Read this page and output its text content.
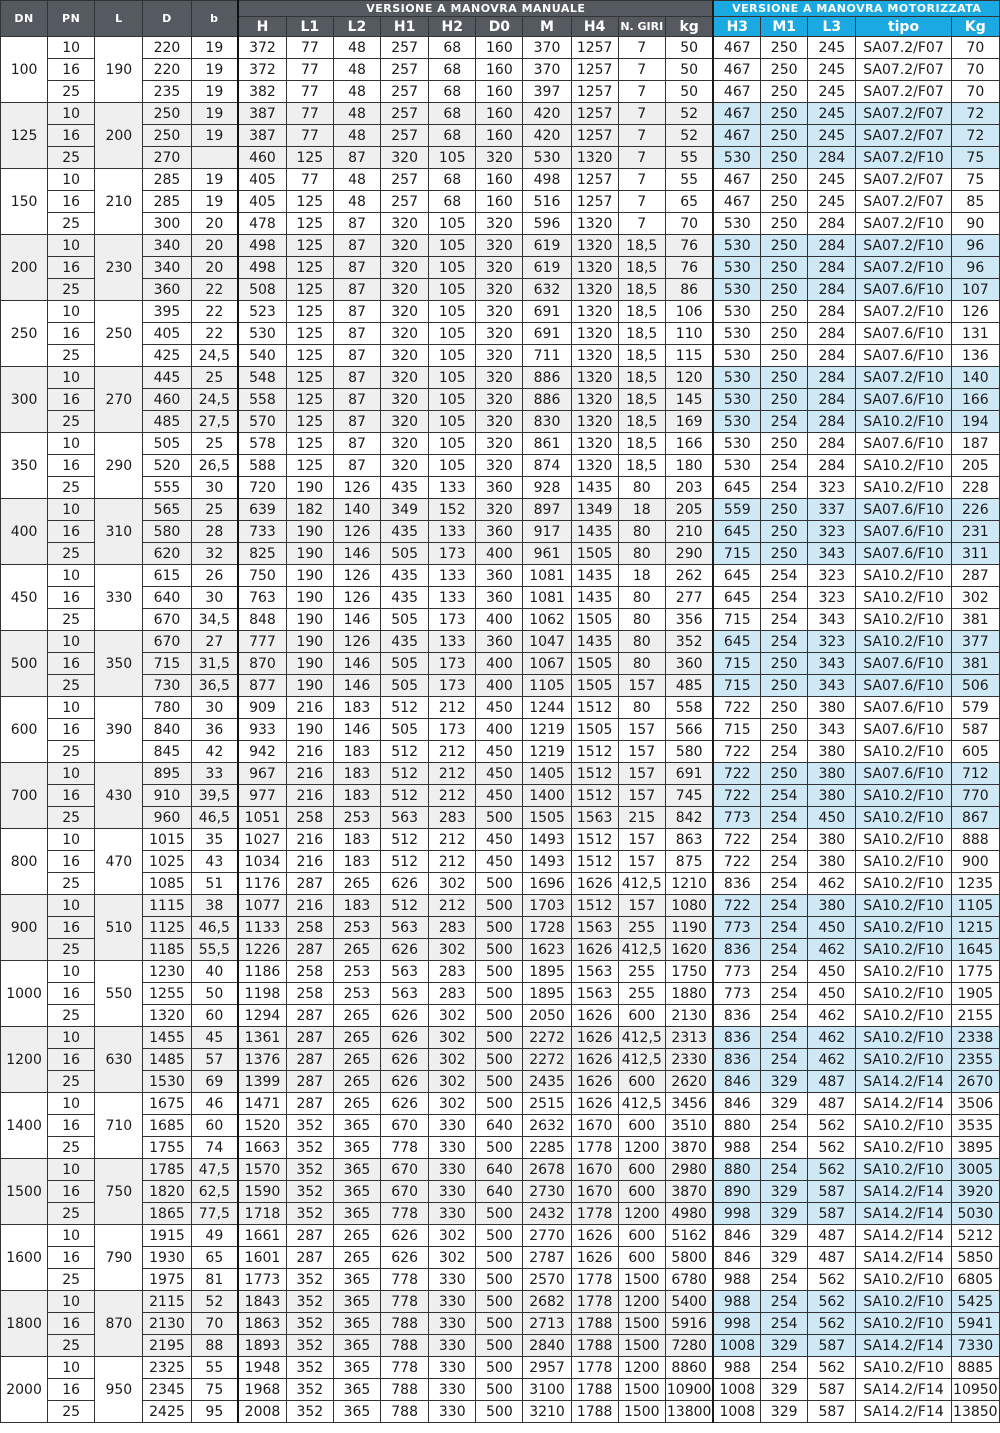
DN	PN	L	D	b	VERSIONE A MANOVRA MANUALE										VERSIONE A MANOVRA MOTORIZZATA				
					H	L1	L2	H1	H2	D0	M	H4	N. GIRI	kg	H3	M1	L3	tipo	Kg
100	10	190	220	19	372	77	48	257	68	160	370	1257	7	50	467	250	245	SA07.2/F07	70
	16		220	19	372	77	48	257	68	160	370	1257	7	50	467	250	245	SA07.2/F07	70
	25		235	19	382	77	48	257	68	160	397	1257	7	50	467	250	245	SA07.2/F07	70
125	10	200	250	19	387	77	48	257	68	160	420	1257	7	52	467	250	245	SA07.2/F07	72
	16		250	19	387	77	48	257	68	160	420	1257	7	52	467	250	245	SA07.2/F07	72
	25		270		460	125	87	320	105	320	530	1320	7	55	530	250	284	SA07.2/F10	75
150	10	210	285	19	405	77	48	257	68	160	498	1257	7	55	467	250	245	SA07.2/F07	75
	16		285	19	405	125	48	257	68	160	516	1257	7	65	467	250	245	SA07.2/F07	85
	25		300	20	478	125	87	320	105	320	596	1320	7	70	530	250	284	SA07.2/F10	90
200	10	230	340	20	498	125	87	320	105	320	619	1320	18,5	76	530	250	284	SA07.2/F10	96
	16		340	20	498	125	87	320	105	320	619	1320	18,5	76	530	250	284	SA07.2/F10	96
	25		360	22	508	125	87	320	105	320	632	1320	18,5	86	530	250	284	SA07.6/F10	107
250	10	250	395	22	523	125	87	320	105	320	691	1320	18,5	106	530	250	284	SA07.2/F10	126
	16		405	22	530	125	87	320	105	320	691	1320	18,5	110	530	250	284	SA07.6/F10	131
	25		425	24,5	540	125	87	320	105	320	711	1320	18,5	115	530	250	284	SA07.6/F10	136
300	10	270	445	25	548	125	87	320	105	320	886	1320	18,5	120	530	250	284	SA07.2/F10	140
	16		460	24,5	558	125	87	320	105	320	886	1320	18,5	145	530	250	284	SA07.6/F10	166
	25		485	27,5	570	125	87	320	105	320	830	1320	18,5	169	530	254	284	SA10.2/F10	194
350	10	290	505	25	578	125	87	320	105	320	861	1320	18,5	166	530	250	284	SA07.6/F10	187
	16		520	26,5	588	125	87	320	105	320	874	1320	18,5	180	530	254	284	SA10.2/F10	205
	25		555	30	720	190	126	435	133	360	928	1435	80	203	645	254	323	SA10.2/F10	228
400	10	310	565	25	639	182	140	349	152	320	897	1349	18	205	559	250	337	SA07.6/F10	226
	16		580	28	733	190	126	435	133	360	917	1435	80	210	645	250	323	SA07.6/F10	231
	25		620	32	825	190	146	505	173	400	961	1505	80	290	715	250	343	SA07.6/F10	311
450	10	330	615	26	750	190	126	435	133	360	1081	1435	18	262	645	254	323	SA10.2/F10	287
	16		640	30	763	190	126	435	133	360	1081	1435	80	277	645	254	323	SA10.2/F10	302
	25		670	34,5	848	190	146	505	173	400	1062	1505	80	356	715	254	343	SA10.2/F10	381
500	10	350	670	27	777	190	126	435	133	360	1047	1435	80	352	645	254	323	SA10.2/F10	377
	16		715	31,5	870	190	146	505	173	400	1067	1505	80	360	715	250	343	SA07.6/F10	381
	25		730	36,5	877	190	146	505	173	400	1105	1505	157	485	715	250	343	SA07.6/F10	506
600	10	390	780	30	909	216	183	512	212	450	1244	1512	80	558	722	250	380	SA07.6/F10	579
	16		840	36	933	190	146	505	173	400	1219	1505	157	566	715	250	343	SA07.6/F10	587
	25		845	42	942	216	183	512	212	450	1219	1512	157	580	722	254	380	SA10.2/F10	605
700	10	430	895	33	967	216	183	512	212	450	1405	1512	157	691	722	250	380	SA07.6/F10	712
	16		910	39,5	977	216	183	512	212	450	1400	1512	157	745	722	254	380	SA10.2/F10	770
	25		960	46,5	1051	258	253	563	283	500	1505	1563	215	842	773	254	450	SA10.2/F10	867
800	10	470	1015	35	1027	216	183	512	212	450	1493	1512	157	863	722	254	380	SA10.2/F10	888
	16		1025	43	1034	216	183	512	212	450	1493	1512	157	875	722	254	380	SA10.2/F10	900
	25		1085	51	1176	287	265	626	302	500	1696	1626	412,5	1210	836	254	462	SA10.2/F10	1235
900	10	510	1115	38	1077	216	183	512	212	500	1703	1512	157	1080	722	254	380	SA10.2/F10	1105
	16		1125	46,5	1133	258	253	563	283	500	1728	1563	255	1190	773	254	450	SA10.2/F10	1215
	25		1185	55,5	1226	287	265	626	302	500	1623	1626	412,5	1620	836	254	462	SA10.2/F10	1645
1000	10	550	1230	40	1186	258	253	563	283	500	1895	1563	255	1750	773	254	450	SA10.2/F10	1775
	16		1255	50	1198	258	253	563	283	500	1895	1563	255	1880	773	254	450	SA10.2/F10	1905
	25		1320	60	1294	287	265	626	302	500	2050	1626	600	2130	836	254	462	SA10.2/F10	2155
1200	10	630	1455	45	1361	287	265	626	302	500	2272	1626	412,5	2313	836	254	462	SA10.2/F10	2338
	16		1485	57	1376	287	265	626	302	500	2272	1626	412,5	2330	836	254	462	SA10.2/F10	2355
	25		1530	69	1399	287	265	626	302	500	2435	1626	600	2620	846	329	487	SA14.2/F14	2670
1400	10	710	1675	46	1471	287	265	626	302	500	2515	1626	412,5	3456	846	329	487	SA14.2/F14	3506
	16		1685	60	1520	352	365	670	330	640	2632	1670	600	3510	880	254	562	SA10.2/F10	3535
	25		1755	74	1663	352	365	778	330	500	2285	1778	1200	3870	988	254	562	SA10.2/F10	3895
1500	10	750	1785	47,5	1570	352	365	670	330	640	2678	1670	600	2980	880	254	562	SA10.2/F10	3005
	16		1820	62,5	1590	352	365	670	330	640	2730	1670	600	3870	890	329	587	SA14.2/F14	3920
	25		1865	77,5	1718	352	365	778	330	500	2432	1778	1200	4980	998	329	587	SA14.2/F14	5030
1600	10	790	1915	49	1661	287	265	626	302	500	2770	1626	600	5162	846	329	487	SA14.2/F14	5212
	16		1930	65	1601	287	265	626	302	500	2787	1626	600	5800	846	329	487	SA14.2/F14	5850
	25		1975	81	1773	352	365	778	330	500	2570	1778	1500	6780	988	254	562	SA10.2/F10	6805
1800	10	870	2115	52	1843	352	365	778	330	500	2682	1778	1200	5400	988	254	562	SA10.2/F10	5425
	16		2130	70	1863	352	365	788	330	500	2713	1788	1500	5916	998	254	562	SA10.2/F10	5941
	25		2195	88	1893	352	365	788	330	500	2840	1788	1500	7280	1008	329	587	SA14.2/F14	7330
2000	10	950	2325	55	1948	352	365	778	330	500	2957	1778	1200	8860	988	254	562	SA10.2/F10	8885
	16		2345	75	1968	352	365	788	330	500	3100	1788	1500	10900	1008	329	587	SA14.2/F14	10950
	25		2425	95	2008	352	365	788	330	500	3210	1788	1500	13800	1008	329	587	SA14.2/F14	13850
